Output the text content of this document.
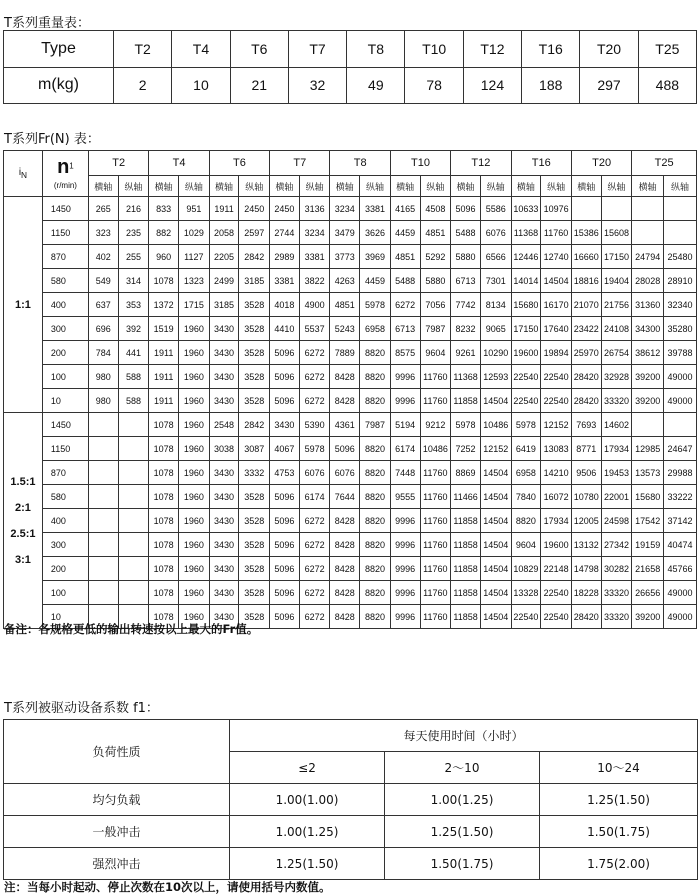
T系列重量表：
Type	T2	T4	T6	T7	T8	T10	T12	T16	T20	T25
m(kg)	2	10	21	32	49	78	124	188	297	488
T系列Fr(N) 表：
$i_N$	$n^1$
(r/min)	T2		T4		T6		T7		T8		T10		T12		T16		T20		T25	
		横轴	纵轴	横轴	纵轴	横轴	纵轴	横轴	纵轴	横轴	纵轴	横轴	纵轴	横轴	纵轴	横轴	纵轴	横轴	纵轴	横轴	纵轴
1:1	1450	265	216	833	951	1911	2450	2450	3136	3234	3381	4165	4508	5096	5586	10633	10976				
	1150	323	235	882	1029	2058	2597	2744	3234	3479	3626	4459	4851	5488	6076	11368	11760	15386	15608		
	870	402	255	960	1127	2205	2842	2989	3381	3773	3969	4851	5292	5880	6566	12446	12740	16660	17150	24794	25480
	580	549	314	1078	1323	2499	3185	3381	3822	4263	4459	5488	5880	6713	7301	14014	14504	18816	19404	28028	28910
	400	637	353	1372	1715	3185	3528	4018	4900	4851	5978	6272	7056	7742	8134	15680	16170	21070	21756	31360	32340
	300	696	392	1519	1960	3430	3528	4410	5537	5243	6958	6713	7987	8232	9065	17150	17640	23422	24108	34300	35280
	200	784	441	1911	1960	3430	3528	5096	6272	7889	8820	8575	9604	9261	10290	19600	19894	25970	26754	38612	39788
	100	980	588	1911	1960	3430	3528	5096	6272	8428	8820	9996	11760	11368	12593	22540	22540	28420	32928	39200	49000
	10	980	588	1911	1960	3430	3528	5096	6272	8428	8820	9996	11760	11858	14504	22540	22540	28420	33320	39200	49000

1.5:1
2:1
2.5:1
3:1	1450			1078	1960	2548	2842	3430	5390	4361	7987	5194	9212	5978	10486	5978	12152	7693	14602		
	1150			1078	1960	3038	3087	4067	5978	5096	8820	6174	10486	7252	12152	6419	13083	8771	17934	12985	24647
	870			1078	1960	3430	3332	4753	6076	6076	8820	7448	11760	8869	14504	6958	14210	9506	19453	13573	29988
	580			1078	1960	3430	3528	5096	6174	7644	8820	9555	11760	11466	14504	7840	16072	10780	22001	15680	33222
	400			1078	1960	3430	3528	5096	6272	8428	8820	9996	11760	11858	14504	8820	17934	12005	24598	17542	37142
	300			1078	1960	3430	3528	5096	6272	8428	8820	9996	11760	11858	14504	9604	19600	13132	27342	19159	40474
	200			1078	1960	3430	3528	5096	6272	8428	8820	9996	11760	11858	14504	10829	22148	14798	30282	21658	45766
	100			1078	1960	3430	3528	5096	6272	8428	8820	9996	11760	11858	14504	13328	22540	18228	33320	26656	49000
	10			1078	1960	3430	3528	5096	6272	8428	8820	9996	11760	11858	14504	22540	22540	28420	33320	39200	49000
备注：各规格更低的输出转速按以上最大的Fr值。
T系列被驱动设备系数 f1：
负荷性质	每天使用时间（小时）		
	≤2	2～10	10～24
均匀负载	1.00(1.00)	1.00(1.25)	1.25(1.50)
一般冲击	1.00(1.25)	1.25(1.50)	1.50(1.75)
强烈冲击	1.25(1.50)	1.50(1.75)	1.75(2.00)
注：当每小时起动、停止次数在10次以上，请使用括号内数值。
